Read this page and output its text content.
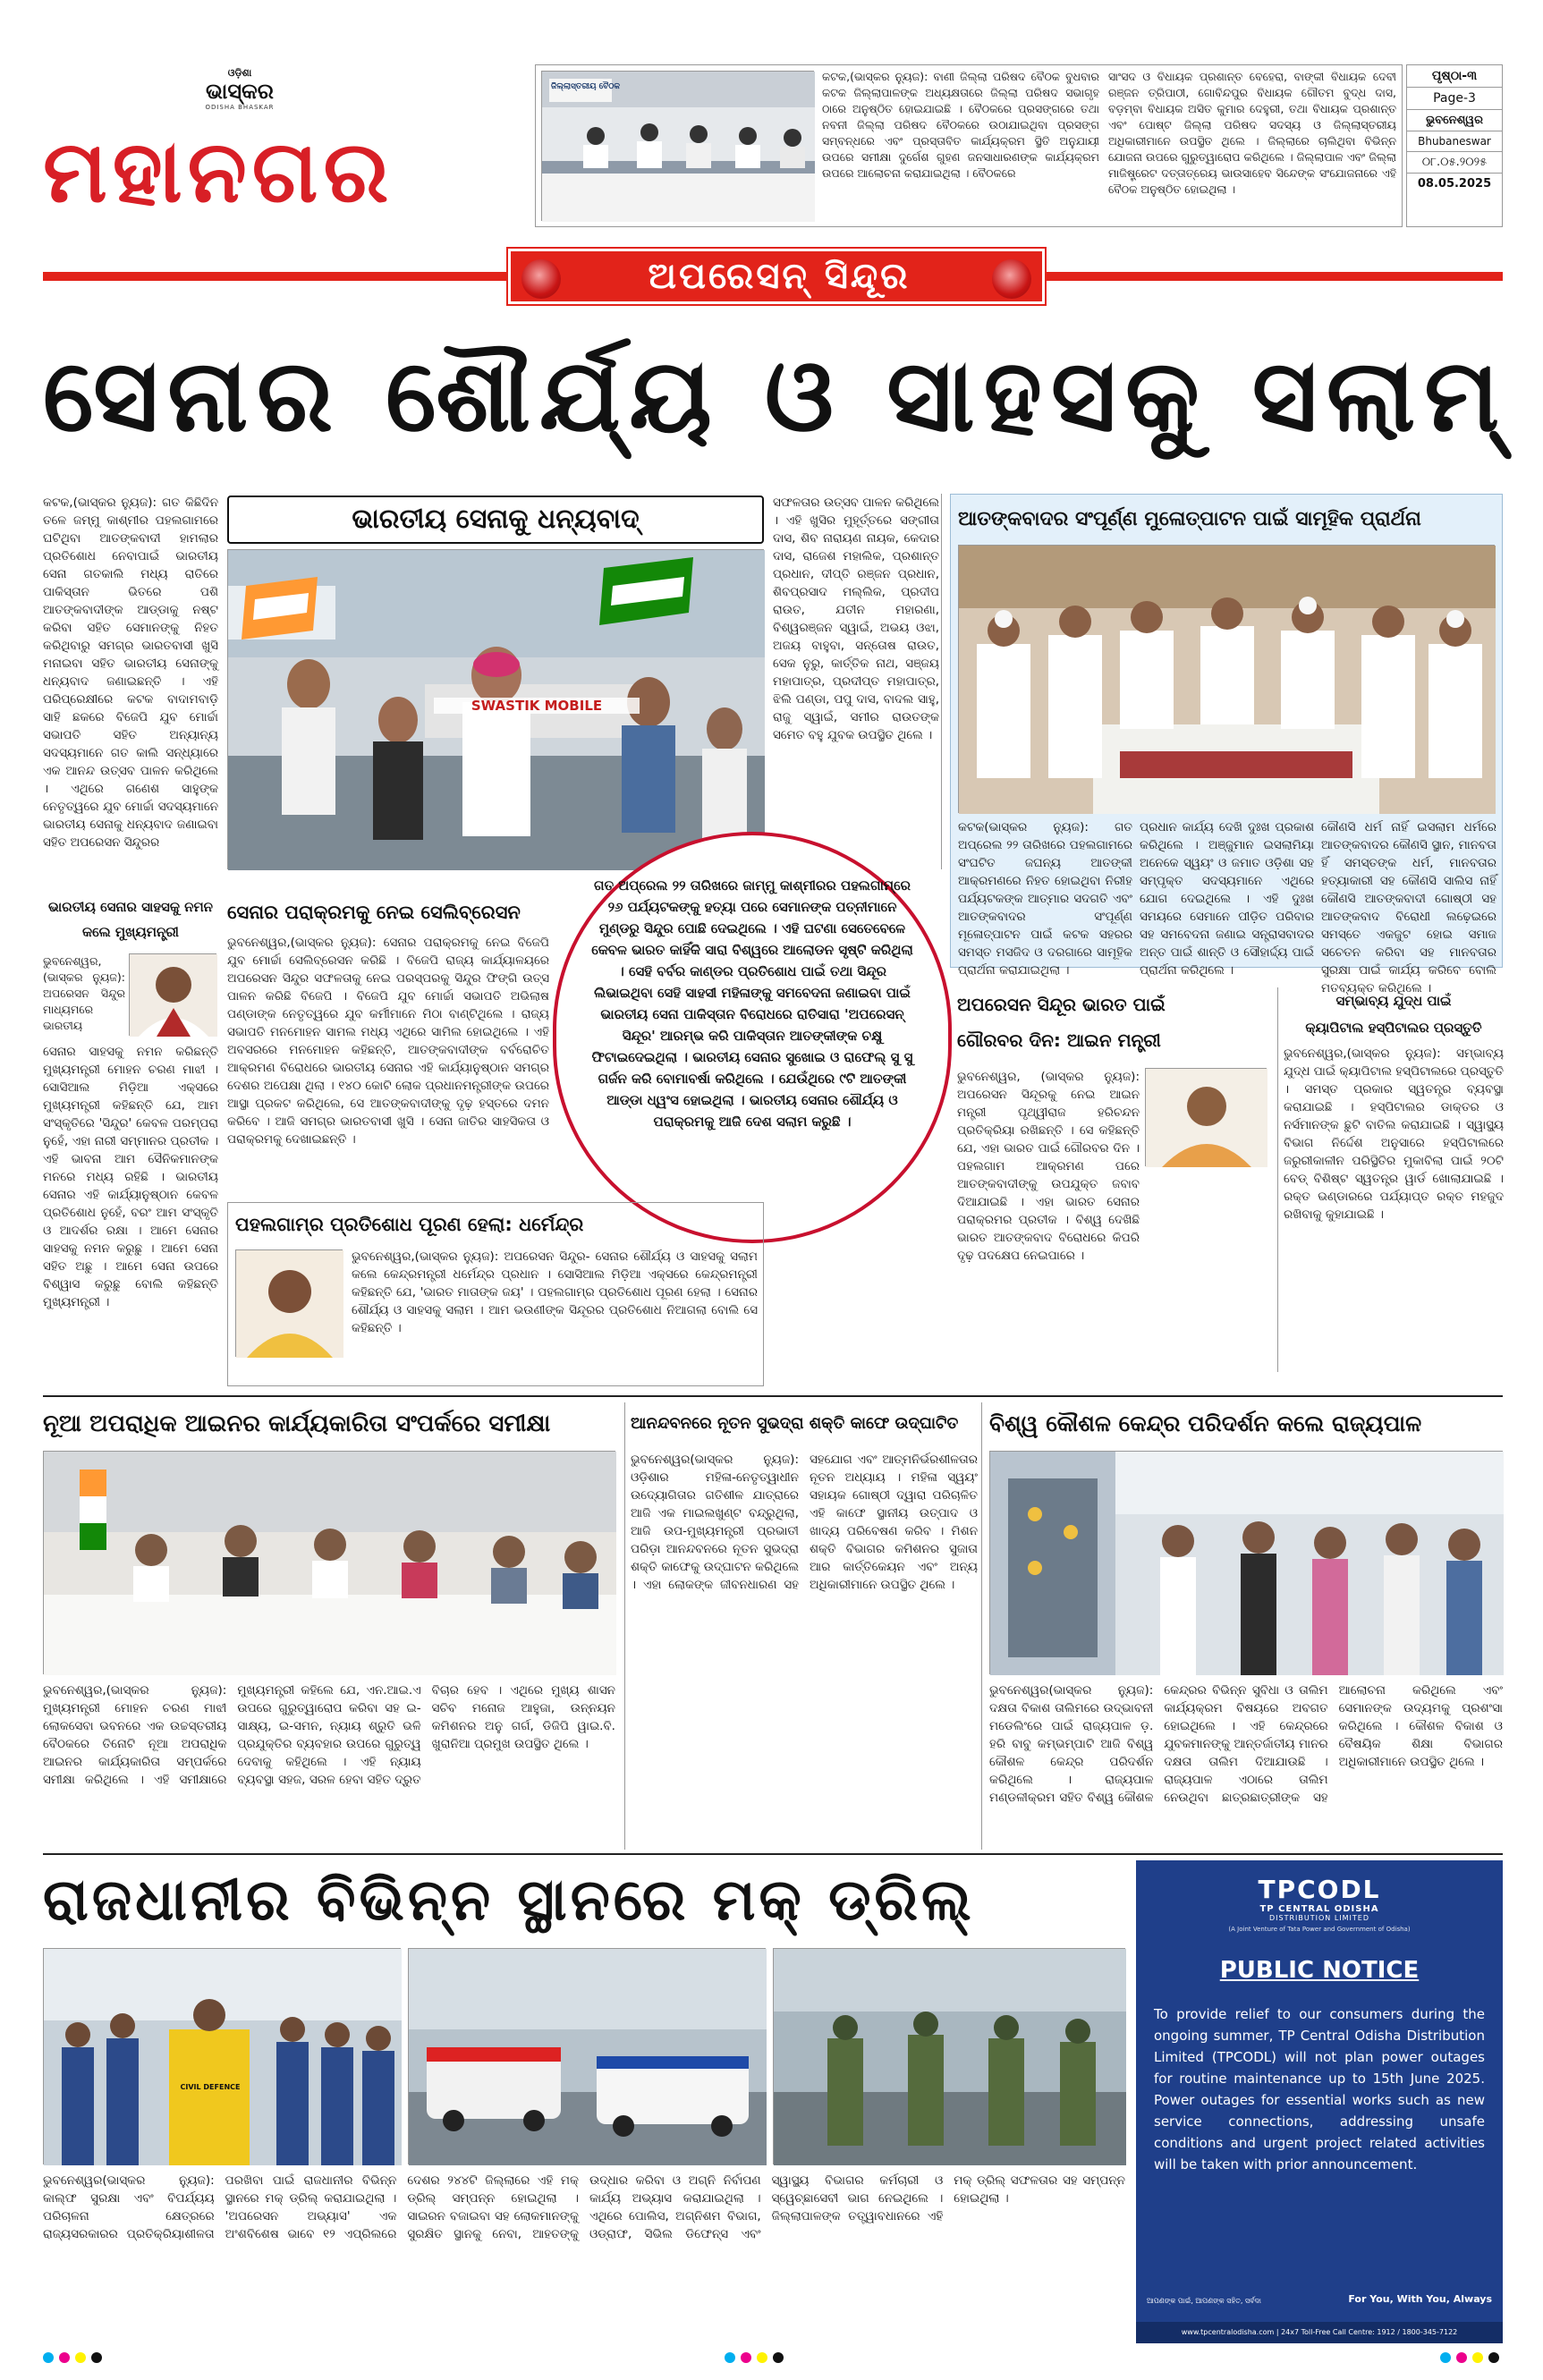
ଓଡ଼ିଶା
ଭାସ୍କର
ODISHA BHASKAR
ମହାନଗର
ଜିଲ୍ଲାସ୍ତରୀୟ ବୈଠକ
କଟକ,(ଭାସ୍କର ନ୍ୟୁଜ): ବାଣୀ ଜିଲ୍ଲା ପରିଷଦ ବୈଠକ ବୁଧବାର କଟକ ଜିଲ୍ଲାପାଳଙ୍କ ଅଧ୍ୟକ୍ଷତାରେ ଜିଲ୍ଲା ପରିଷଦ ସଭାଗୃହ ଠାରେ ଅନୁଷ୍ଠିତ ହୋଇଯାଇଛି । ବୈଠକରେ ପ୍ରସଙ୍ଗରେ ତଥା ନବନୀ ଜିଲ୍ଲା ପରିଷଦ ବୈଠକରେ ଉଠାଯାଇଥିବା ପ୍ରସଙ୍ଗ ସମ୍ବନ୍ଧରେ ଏବଂ ପ୍ରସ୍ତାବିତ କାର୍ଯ୍ୟକ୍ରମ ସ୍ଥିତି ଅନୁଯାୟୀ ଉପରେ ସମୀକ୍ଷା ଦୁର୍ଗେଶ ଗୁହଣ ଜନସାଧାରଣଙ୍କ କାର୍ଯ୍ୟକ୍ରମ ଉପରେ ଆଲୋଚନା କରାଯାଇଥିଲା । ବୈଠକରେ
ସାଂସଦ ଓ ବିଧାୟକ ପ୍ରଶାନ୍ତ ବେହେରା, ବାଙ୍କୀ ବିଧାୟକ ଦେବୀ ରଞ୍ଜନ ତ୍ରିପାଠୀ, ଗୋବିନ୍ଦପୁର ବିଧାୟକ ଗୌତମ ବୁଦ୍ଧ ଦାସ, ବଡ଼ମ୍ବା ବିଧାୟକ ଅସିତ କୁମାର ଦେହୁରୀ, ତଥା ବିଧାୟକ ପ୍ରଶାନ୍ତ ଏବଂ ପୋଷ୍ଟ ଜିଲ୍ଲା ପରିଷଦ ସଦସ୍ୟ ଓ ଜିଲ୍ଲାସ୍ତରୀୟ ଅଧିକାରୀମାନେ ଉପସ୍ଥିତ ଥିଲେ । ଜିଲ୍ଲାରେ ଚାଲିଥିବା ବିଭିନ୍ନ ଯୋଜନା ଉପରେ ଗୁରୁତ୍ୱାରୋପ କରିଥିଲେ । ଜିଲ୍ଲାପାଳ ଏବଂ ଜିଲ୍ଲା ମାଜିଷ୍ଟ୍ରେଟ ଦତ୍ତାତ୍ରେୟ ଭାଉସାହେବ ସିନ୍ଦେଙ୍କ ସଂଯୋଜନାରେ ଏହି ବୈଠକ ଅନୁଷ୍ଠିତ ହୋଇଥିଲା ।
ପୃଷ୍ଠା-୩
Page-3
ଭୁବନେଶ୍ୱର
Bhubaneswar
୦୮.୦୫.୨୦୨୫
08.05.2025
ଅପରେସନ୍ ସିନ୍ଦୂର
ସେନାର ଶୌର୍ଯ୍ୟ ଓ ସାହସକୁ ସଲାମ୍
କଟକ,(ଭାସ୍କର ନ୍ୟୁଜ): ଗତ କିଛିଦିନ ତଳେ ଜମ୍ମୁ କାଶ୍ମୀର ପହଲଗାମରେ ଘଟିଥିବା ଆତଙ୍କବାଦୀ ହାମଲାର ପ୍ରତିଶୋଧ ନେବାପାଇଁ ଭାରତୀୟ ସେନା ଗତକାଲି ମଧ୍ୟ ରାତିରେ ପାକିସ୍ତାନ ଭିତରେ ପଶି ଆତଙ୍କବାଦୀଙ୍କ ଆଡ୍ଡାକୁ ନଷ୍ଟ କରିବା ସହିତ ସେମାନଙ୍କୁ ନିହତ କରିଥିବାରୁ ସମଗ୍ର ଭାରତବାସୀ ଖୁସି ମନାଇବା ସହିତ ଭାରତୀୟ ସେନାଙ୍କୁ ଧନ୍ୟବାଦ ଜଣାଇଛନ୍ତି । ଏହି ପରିପ୍ରେକ୍ଷୀରେ କଟକ ବାଦାମବାଡ଼ି ସାହି ଛକରେ ବିଜେପି ଯୁବ ମୋର୍ଚ୍ଚା ସଭାପତି ସହିତ ଅନ୍ୟାନ୍ୟ ସଦସ୍ୟମାନେ ଗତ କାଲି ସନ୍ଧ୍ୟାରେ ଏକ ଆନନ୍ଦ ଉତ୍ସବ ପାଳନ କରିଥିଲେ । ଏଥିରେ ଗଣେଶ ସାହୁଙ୍କ ନେତୃତ୍ୱରେ ଯୁବ ମୋର୍ଚ୍ଚା ସଦସ୍ୟମାନେ ଭାରତୀୟ ସେନାକୁ ଧନ୍ୟବାଦ ଜଣାଇବା ସହିତ ଅପରେସନ ସିନ୍ଦୁରର
ଭାରତୀୟ ସେନାକୁ ଧନ୍ୟବାଦ୍
SWASTIK MOBILE
ସଫଳତାର ଉତ୍ସବ ପାଳନ କରିଥିଲେ । ଏହି ଖୁସିର ମୁହୂର୍ତ୍ତରେ ସଙ୍ଗୀତା ଦାସ, ଶିବ ନାରାୟଣ ନାୟକ, କେଦାର ଦାସ, ରାଜେଶ ମହାଲିକ, ପ୍ରଶାନ୍ତ ପ୍ରଧାନ, ଦୀପ୍ତି ରଞ୍ଜନ ପ୍ରଧାନ, ଶିବପ୍ରସାଦ ମଲ୍ଲିକ, ପ୍ରଦୀପ ରାଉତ, ଯତୀନ ମହାରଣା, ବିଶ୍ୱରଞ୍ଜନ ସ୍ୱାଇଁ, ଅଭୟ ଓଝା, ଅଜୟ ବାହୁବା, ସନ୍ତୋଷ ରାଉତ, ସେକ ନୁରୁ, କାର୍ତ୍ତିକ ନାଥ, ସଞ୍ଜୟ ମହାପାତ୍ର, ପ୍ରଦୀପ୍ତ ମହାପାତ୍ର, ଝିଲି ପଣ୍ଡା, ପପୁ ଦାସ, ବାଦଲ ସାହୁ, ରାଜୁ ସ୍ୱାଇଁ, ସମୀର ରାଉତଙ୍କ ସମେତ ବହୁ ଯୁବକ ଉପସ୍ଥିତ ଥିଲେ ।
ଆତଙ୍କବାଦର ସଂପୂର୍ଣ୍ଣ ମୁଳୋତ୍ପାଟନ ପାଇଁ ସାମୂହିକ ପ୍ରାର୍ଥନା
କଟକ(ଭାସ୍କର ନ୍ୟୁଜ): ଗତ ଅପ୍ରେଲ ୨୨ ତାରିଖରେ ପହଲଗାମରେ ସଂଘଟିତ ଜଘନ୍ୟ ଆତଙ୍କୀ ଆକ୍ରମଣରେ ନିହତ ହୋଇଥିବା ନିରୀହ ପର୍ଯ୍ୟଟକଙ୍କ ଆତ୍ମାର ସଦଗତି ଏବଂ ଆତଙ୍କବାଦର ସଂପୂର୍ଣ୍ଣ ମୂଳୋତ୍ପାଟନ ପାଇଁ କଟକ ସହରର ସମସ୍ତ ମସଜିଦ ଓ ଦରଗାରେ ସାମୂହିକ ପ୍ରାର୍ଥନା କରାଯାଇଥିଲା ।
ପ୍ରଧାନ କାର୍ଯ୍ୟ ଦେଖି ଦୁଃଖ ପ୍ରକାଶ କରିଥିଲେ । ଅଞ୍ଜୁମାନ ଇସଲାମିୟା ଅନେକେ ସ୍ୱୟଂ ଓ ଜମାତ ଓଡ଼ିଶା ସହ ସମ୍ପୃକ୍ତ ସଦସ୍ୟମାନେ ଏଥିରେ ଯୋଗ ଦେଇଥିଲେ । ଏହି ଦୁଃଖ ସମୟରେ ସେମାନେ ପୀଡ଼ିତ ପରିବାର ସହ ସମବେଦନା ଜଣାଇ ସନ୍ତ୍ରାସବାଦର ଅନ୍ତ ପାଇଁ ଶାନ୍ତି ଓ ସୌହାର୍ଦ୍ଦ୍ୟ ପାଇଁ ପ୍ରାର୍ଥନା କରିଥିଲେ ।
କୌଣସି ଧର୍ମ ନାହିଁ ଇସଲାମ ଧର୍ମରେ ଆତଙ୍କବାଦର କୌଣସି ସ୍ଥାନ, ମାନବତା ହିଁ ସମସ୍ତଙ୍କ ଧର୍ମ, ମାନବତାର ହତ୍ୟାକାରୀ ସହ କୌଣସି ସାଲିସ ନାହିଁ କୌଣସି ଆତଙ୍କବାଦୀ ଗୋଷ୍ଠୀ ସହ ଆତଙ୍କବାଦ ବିରୋଧୀ ଲଢ଼େଇରେ ସମସ୍ତେ ଏକଜୁଟ ହୋଇ ସମାଜ ସଚେତନ କରିବା ସହ ମାନବତାର ସୁରକ୍ଷା ପାଇଁ କାର୍ଯ୍ୟ କରିବେ ବୋଲି ମତବ୍ୟକ୍ତ କରିଥିଲେ ।
ଗତ ଅପ୍ରେଲ ୨୨ ତାରିଖରେ ଜାମ୍ମୁ କାଶ୍ମୀରର ପହଲଗାମ୍‌ରେ ୨୬ ପର୍ଯ୍ୟଟକଙ୍କୁ ହତ୍ୟା ପରେ ସେମାନଙ୍କ ପତ୍ନୀମାନେ ମୁଣ୍ଡରୁ ସିନ୍ଦୁର ପୋଛି ଦେଇଥିଲେ । ଏହି ଘଟଣା ସେତେବେଳେ କେବଳ ଭାରତ କାହିଁକି ସାରା ବିଶ୍ୱରେ ଆଲୋଡନ ସୃଷ୍ଟି କରିଥିଲା । ସେହି ବର୍ବର କାଣ୍ଡର ପ୍ରତିଶୋଧ ପାଇଁ ତଥା ସିନ୍ଦୂର ଲିଭାଇଥିବା ସେହି ସାହସୀ ମହିଳାଙ୍କୁ ସମବେଦନା ଜଣାଇବା ପାଇଁ ଭାରତୀୟ ସେନା ପାକିସ୍ତାନ ବିରୋଧରେ ରାତିସାରା 'ଅପରେସନ୍ ସିନ୍ଦୂର' ଆରମ୍ଭ କରି ପାକିସ୍ତାନ ଆତଙ୍କୀଙ୍କ ଚକ୍ଷୁ ଫିଟାଇଦେଇଥିଲା । ଭାରତୀୟ ସେନାର ସୁଖୋଇ ଓ ରାଫେଲ୍ ସୁ ସୁ ଗର୍ଜନ କରି ବୋମାବର୍ଷା କରିଥିଲେ । ଯେଉଁଥିରେ ୯ଟି ଆତଙ୍କୀ ଆଡ୍ଡା ଧ୍ୱଂସ ହୋଇଥିଲା । ଭାରତୀୟ ସେନାର ଶୌର୍ଯ୍ୟ ଓ ପରାକ୍ରମକୁ ଆଜି ଦେଶ ସଲାମ କରୁଛି ।
ଭାରତୀୟ ସେନାର ସାହସକୁ ନମନ କଲେ ମୁଖ୍ୟମନ୍ତ୍ରୀ
ଭୁବନେଶ୍ୱର, (ଭାସ୍କର ନ୍ୟୁଜ): ଅପରେସନ ସିନ୍ଦୁର ମାଧ୍ୟମରେ ଭାରତୀୟ
ସେନାର ସାହସକୁ ନମନ କରିଛନ୍ତି ମୁଖ୍ୟମନ୍ତ୍ରୀ ମୋହନ ଚରଣ ମାଝୀ । ସୋସିଆଲ ମିଡ଼ିଆ ଏକ୍ସରେ ମୁଖ୍ୟମନ୍ତ୍ରୀ କହିଛନ୍ତି ଯେ, ଆମ ସଂସ୍କୃତିରେ 'ସିନ୍ଦୁର' କେବଳ ପରମ୍ପରା ନୁହେଁ, ଏହା ନାରୀ ସମ୍ମାନର ପ୍ରତୀକ । ଏହି ଭାବନା ଆମ ସୈନିକମାନଙ୍କ ମନରେ ମଧ୍ୟ ରହିଛି । ଭାରତୀୟ ସେନାର ଏହି କାର୍ଯ୍ୟାନୁଷ୍ଠାନ କେବଳ ପ୍ରତିଶୋଧ ନୁହେଁ, ବରଂ ଆମ ସଂସ୍କୃତି ଓ ଆଦର୍ଶର ରକ୍ଷା । ଆମେ ସେନାର ସାହସକୁ ନମନ କରୁଛୁ । ଆମେ ସେନା ସହିତ ଅଛୁ । ଆମେ ସେନା ଉପରେ ବିଶ୍ୱାସ କରୁଛୁ ବୋଲି କହିଛନ୍ତି ମୁଖ୍ୟମନ୍ତ୍ରୀ ।
ସେନାର ପରାକ୍ରମକୁ ନେଇ ସେଲିବ୍ରେସନ
ଭୁବନେଶ୍ୱର,(ଭାସ୍କର ନ୍ୟୁଜ): ସେନାର ପରାକ୍ରମକୁ ନେଇ ବିଜେପି ଯୁବ ମୋର୍ଚ୍ଚା ସେଲିବ୍ରେସନ କରିଛି । ବିଜେପି ରାଜ୍ୟ କାର୍ଯ୍ୟାଳୟରେ ଅପରେସନ ସିନ୍ଦୁର ସଫଳତାକୁ ନେଇ ପରସ୍ପରକୁ ସିନ୍ଦୁର ଫିଙ୍ଗି ଉତ୍ସ ପାଳନ କରିଛି ବିଜେପି । ବିଜେପି ଯୁବ ମୋର୍ଚ୍ଚା ସଭାପତି ଅଭିଲାଷ ପଣ୍ଡାଙ୍କ ନେତୃତ୍ୱରେ ଯୁବ କର୍ମୀମାନେ ମିଠା ବାଣ୍ଟିଥିଲେ । ରାଜ୍ୟ ସଭାପତି ମନମୋହନ ସାମଲ ମଧ୍ୟ ଏଥିରେ ସାମିଲ ହୋଇଥିଲେ । ଏହି ଅବସରରେ ମନମୋହନ କହିଛନ୍ତି, ଆତଙ୍କବାଦୀଙ୍କ ବର୍ବରୋଚିତ ଆକ୍ରମଣ ବିରୋଧରେ ଭାରତୀୟ ସେନାର ଏହି କାର୍ଯ୍ୟାନୁଷ୍ଠାନ ସମଗ୍ର ଦେଶର ଅପେକ୍ଷା ଥିଲା । ୧୪୦ କୋଟି ଲୋକ ପ୍ରଧାନମନ୍ତ୍ରୀଙ୍କ ଉପରେ ଆସ୍ଥା ପ୍ରକଟ କରିଥିଲେ, ସେ ଆତଙ୍କବାଦୀଙ୍କୁ ଦୃଢ଼ ହସ୍ତରେ ଦମନ କରିବେ । ଆଜି ସମଗ୍ର ଭାରତବାସୀ ଖୁସି । ସେନା ଜାତିର ସାହସିକତା ଓ ପରାକ୍ରମକୁ ଦେଖାଇଛନ୍ତି ।
ଅପରେସନ ସିନ୍ଦୂର ଭାରତ ପାଇଁ
ଗୌରବର ଦିନ: ଆଇନ ମନ୍ତ୍ରୀ
ଭୁବନେଶ୍ୱର, (ଭାସ୍କର ନ୍ୟୁଜ): ଅପରେସନ ସିନ୍ଦୂରକୁ ନେଇ ଆଇନ ମନ୍ତ୍ରୀ ପୃଥ୍ୱୀରାଜ ହରିଚନ୍ଦନ ପ୍ରତିକ୍ରିୟା ରଖିଛନ୍ତି । ସେ କହିଛନ୍ତି ଯେ, ଏହା ଭାରତ ପାଇଁ ଗୌରବର ଦିନ । ପହଲଗାମ ଆକ୍ରମଣ ପରେ ଆତଙ୍କବାଦୀଙ୍କୁ ଉପଯୁକ୍ତ ଜବାବ ଦିଆଯାଇଛି । ଏହା ଭାରତ ସେନାର ପରାକ୍ରମର ପ୍ରତୀକ । ବିଶ୍ୱ ଦେଖିଛି ଭାରତ ଆତଙ୍କବାଦ ବିରୋଧରେ କିପରି ଦୃଢ଼ ପଦକ୍ଷେପ ନେଇପାରେ ।
ସମ୍ଭାବ୍ୟ ଯୁଦ୍ଧ ପାଇଁ
କ୍ୟାପିଟାଲ ହସ୍ପିଟାଲର ପ୍ରସ୍ତୁତି
ଭୁବନେଶ୍ୱର,(ଭାସ୍କର ନ୍ୟୁଜ): ସମ୍ଭାବ୍ୟ ଯୁଦ୍ଧ ପାଇଁ କ୍ୟାପିଟାଲ ହସ୍ପିଟାଲରେ ପ୍ରସ୍ତୁତି । ସମସ୍ତ ପ୍ରକାର ସ୍ୱତନ୍ତ୍ର ବ୍ୟବସ୍ଥା କରାଯାଇଛି । ହସ୍ପିଟାଲର ଡାକ୍ତର ଓ ନର୍ସମାନଙ୍କ ଛୁଟି ବାତିଲ କରାଯାଇଛି । ସ୍ୱାସ୍ଥ୍ୟ ବିଭାଗ ନିର୍ଦ୍ଦେଶ ଅନୁସାରେ ହସ୍ପିଟାଲରେ ଜରୁରୀକାଳୀନ ପରିସ୍ଥିତିର ମୁକାବିଲା ପାଇଁ ୨୦ଟି ବେଡ୍ ବିଶିଷ୍ଟ ସ୍ୱତନ୍ତ୍ର ୱାର୍ଡ ଖୋଲାଯାଇଛି । ରକ୍ତ ଭଣ୍ଡାରରେ ପର୍ଯ୍ୟାପ୍ତ ରକ୍ତ ମହଜୁଦ ରଖିବାକୁ କୁହାଯାଇଛି ।
ପହଲଗାମ୍‌ର ପ୍ରତିଶୋଧ ପୂରଣ ହେଲା: ଧର୍ମେନ୍ଦ୍ର
ଭୁବନେଶ୍ୱର,(ଭାସ୍କର ନ୍ୟୁଜ): ଅପରେସନ ସିନ୍ଦୁର- ସେନାର ଶୌର୍ଯ୍ୟ ଓ ସାହସକୁ ସଲାମ କଲେ କେନ୍ଦ୍ରମନ୍ତ୍ରୀ ଧର୍ମେନ୍ଦ୍ର ପ୍ରଧାନ । ସୋସିଆଲ ମିଡ଼ିଆ ଏକ୍ସରେ କେନ୍ଦ୍ରମନ୍ତ୍ରୀ କହିଛନ୍ତି ଯେ, 'ଭାରତ ମାତାଙ୍କ ଜୟ' । ପହଲଗାମ୍‌ର ପ୍ରତିଶୋଧ ପୂରଣ ହେଲା । ସେନାର ଶୌର୍ଯ୍ୟ ଓ ସାହସକୁ ସଲାମ । ଆମ ଭଉଣୀଙ୍କ ସିନ୍ଦୂରର ପ୍ରତିଶୋଧ ନିଆଗଲା ବୋଲି ସେ କହିଛନ୍ତି ।
ନୂଆ ଅପରାଧିକ ଆଇନର କାର୍ଯ୍ୟକାରିତା ସଂପର୍କରେ ସମୀକ୍ଷା
ଭୁବନେଶ୍ୱର,(ଭାସ୍କର ନ୍ୟୁଜ): ମୁଖ୍ୟମନ୍ତ୍ରୀ ମୋହନ ଚରଣ ମାଝୀ ଲୋକସେବା ଭବନରେ ଏକ ଉଚ୍ଚସ୍ତରୀୟ ବୈଠକରେ ତିନୋଟି ନୂଆ ଅପରାଧିକ ଆଇନର କାର୍ଯ୍ୟକାରିତା ସମ୍ପର୍କରେ ସମୀକ୍ଷା କରିଥିଲେ । ଏହି ସମୀକ୍ଷାରେ ମୁଖ୍ୟମନ୍ତ୍ରୀ କହିଲେ ଯେ, ଏନ.ଆଇ.ଏ ଉପରେ ଗୁରୁତ୍ୱାରୋପ କରିବା ସହ ଇ-ସାକ୍ଷ୍ୟ, ଇ-ସମନ, ନ୍ୟାୟ ଶ୍ରୁତି ଭଳି ପ୍ରଯୁକ୍ତିର ବ୍ୟବହାର ଉପରେ ଗୁରୁତ୍ୱ ଦେବାକୁ କହିଥିଲେ । ଏହି ନ୍ୟାୟ ବ୍ୟବସ୍ଥା ସହଜ, ସରଳ ହେବା ସହିତ ଦ୍ରୁତ ବିଚାର ହେବ । ଏଥିରେ ମୁଖ୍ୟ ଶାସନ ସଚିବ ମନୋଜ ଆହୁଜା, ଉନ୍ନୟନ କମିଶନର ଅନୁ ଗର୍ଗ, ଡିଜିପି ୱାଇ.ବି. ଖୁରାନିଆ ପ୍ରମୁଖ ଉପସ୍ଥିତ ଥିଲେ ।
ଆନନ୍ଦବନରେ ନୂତନ ସୁଭଦ୍ରା ଶକ୍ତି କାଫେ ଉଦ୍‌ଘାଟିତ
ଭୁବନେଶ୍ୱର(ଭାସ୍କର ନ୍ୟୁଜ): ଓଡ଼ିଶାର ମହିଳା-ନେତୃତ୍ୱାଧୀନ ଉଦ୍ୟୋଗିତାର ଗତିଶୀଳ ଯାତ୍ରାରେ ଆଜି ଏକ ମାଇଲଖୁଣ୍ଟ ବନ୍ଦ୍ରୁଥିଲା, ଆଜି ଉପ-ମୁଖ୍ୟମନ୍ତ୍ରୀ ପ୍ରଭାତୀ ପରିଡ଼ା ଆନନ୍ଦବନରେ ନୂତନ ସୁଭଦ୍ରା ଶକ୍ତି କାଫେକୁ ଉଦ୍‌ଘାଟନ କରିଥିଲେ । ଏହା ଲୋକଙ୍କ ଜୀବନଧାରଣ ସହ ସହଯୋଗ ଏବଂ ଆତ୍ମନିର୍ଭରଶୀଳତାର ନୂତନ ଅଧ୍ୟାୟ । ମହିଳା ସ୍ୱୟଂ ସହାୟକ ଗୋଷ୍ଠୀ ଦ୍ୱାରା ପରିଚାଳିତ ଏହି କାଫେ ସ୍ଥାନୀୟ ଉତ୍ପାଦ ଓ ଖାଦ୍ୟ ପରିବେଷଣ କରିବ । ମିଶନ ଶକ୍ତି ବିଭାଗର କମିଶନର ସୁଜାତା ଆର କାର୍ତ୍ତିକେୟନ ଏବଂ ଅନ୍ୟ ଅଧିକାରୀମାନେ ଉପସ୍ଥିତ ଥିଲେ ।
ବିଶ୍ୱ କୌଶଳ କେନ୍ଦ୍ର ପରିଦର୍ଶନ କଲେ ରାଜ୍ୟପାଳ
ଭୁବନେଶ୍ୱର(ଭାସ୍କର ନ୍ୟୁଜ): ଦକ୍ଷତା ବିକାଶ ତାଲିମରେ ଉଦ୍ଭାବନୀ ମଡେଲିଂରେ ପାଇଁ ରାଜ୍ୟପାଳ ଡ଼. ହରି ବାବୁ କମ୍ଭମ୍ପାଟି ଆଜି ବିଶ୍ୱ କୌଶଳ କେନ୍ଦ୍ର ପରିଦର୍ଶନ କରିଥିଲେ । ରାଜ୍ୟପାଳ ମଣ୍ଡଳୀକ୍ରମ ସହିତ ବିଶ୍ୱ କୌଶଳ କେନ୍ଦ୍ରର ବିଭିନ୍ନ ସୁବିଧା ଓ ତାଲିମ କାର୍ଯ୍ୟକ୍ରମ ବିଷୟରେ ଅବଗତ ହୋଇଥିଲେ । ଏହି କେନ୍ଦ୍ରରେ ଯୁବକମାନଙ୍କୁ ଆନ୍ତର୍ଜାତୀୟ ମାନର ଦକ୍ଷତା ତାଲିମ ଦିଆଯାଉଛି । ରାଜ୍ୟପାଳ ଏଠାରେ ତାଲିମ ନେଉଥିବା ଛାତ୍ରଛାତ୍ରୀଙ୍କ ସହ ଆଲୋଚନା କରିଥିଲେ ଏବଂ ସେମାନଙ୍କ ଉଦ୍ୟମକୁ ପ୍ରଶଂସା କରିଥିଲେ । କୌଶଳ ବିକାଶ ଓ ବୈଷୟିକ ଶିକ୍ଷା ବିଭାଗର ଅଧିକାରୀମାନେ ଉପସ୍ଥିତ ଥିଲେ ।
ରାଜଧାନୀର ବିଭିନ୍ନ ସ୍ଥାନରେ ମକ୍ ଡ୍ରିଲ୍
CIVIL DEFENCE
ଭୁବନେଶ୍ୱର(ଭାସ୍କର ନ୍ୟୁଜ): କାଲ୍ଫ ସୁରକ୍ଷା ଏବଂ ବିପର୍ଯ୍ୟୟ ପରିଚାଳନା କ୍ଷେତ୍ରରେ ରାଜ୍ୟସରକାରର ପ୍ରତିକ୍ରିୟାଶୀଳତା ପରଖିବା ପାଇଁ ରାଜଧାନୀର ବିଭିନ୍ନ ସ୍ଥାନରେ ମକ୍ ଡ୍ରିଲ୍ କରାଯାଇଥିଲା । 'ଅପରେସନ ଅଭ୍ୟାସ' ଏକ ଅଂଶବିଶେଷ ଭାବେ ୧୨ ଏପ୍ରିଲରେ ଦେଶର ୨୪୪ଟି ଜିଲ୍ଲାରେ ଏହି ମକ୍ ଡ୍ରିଲ୍ ସମ୍ପନ୍ନ ହୋଇଥିଲା । ସାଇରନ ବଜାଇବା ସହ ଲୋକମାନଙ୍କୁ ସୁରକ୍ଷିତ ସ୍ଥାନକୁ ନେବା, ଆହତଙ୍କୁ ଉଦ୍ଧାର କରିବା ଓ ଅଗ୍ନି ନିର୍ବାପଣ କାର୍ଯ୍ୟ ଅଭ୍ୟାସ କରାଯାଇଥିଲା । ଏଥିରେ ପୋଲିସ, ଅଗ୍ନିଶମ ବିଭାଗ, ଓଡ୍ରାଫ, ସିଭିଲ ଡିଫେନ୍ସ ଏବଂ ସ୍ୱାସ୍ଥ୍ୟ ବିଭାଗର କର୍ମଚାରୀ ଓ ସ୍ୱେଚ୍ଛାସେବୀ ଭାଗ ନେଇଥିଲେ । ଜିଲ୍ଲାପାଳଙ୍କ ତତ୍ତ୍ୱାବଧାନରେ ଏହି ମକ୍ ଡ୍ରିଲ୍ ସଫଳତାର ସହ ସମ୍ପନ୍ନ ହୋଇଥିଲା ।
TPCODL
TP CENTRAL ODISHA
DISTRIBUTION LIMITED
(A Joint Venture of Tata Power and Government of Odisha)
PUBLIC NOTICE
To provide relief to our consumers during the ongoing summer, TP Central Odisha Distribution Limited (TPCODL) will not plan power outages for routine maintenance up to 15th June 2025. Power outages for essential works such as new service connections, addressing unsafe conditions and urgent project related activities will be taken with prior announcement.
ଆପଣଙ୍କ ପାଇଁ, ଆପଣଙ୍କ ସହିତ, ସର୍ବଦା	For You, With You, Always
www.tpcentralodisha.com | 24x7 Toll-Free Call Centre: 1912 / 1800-345-7122
